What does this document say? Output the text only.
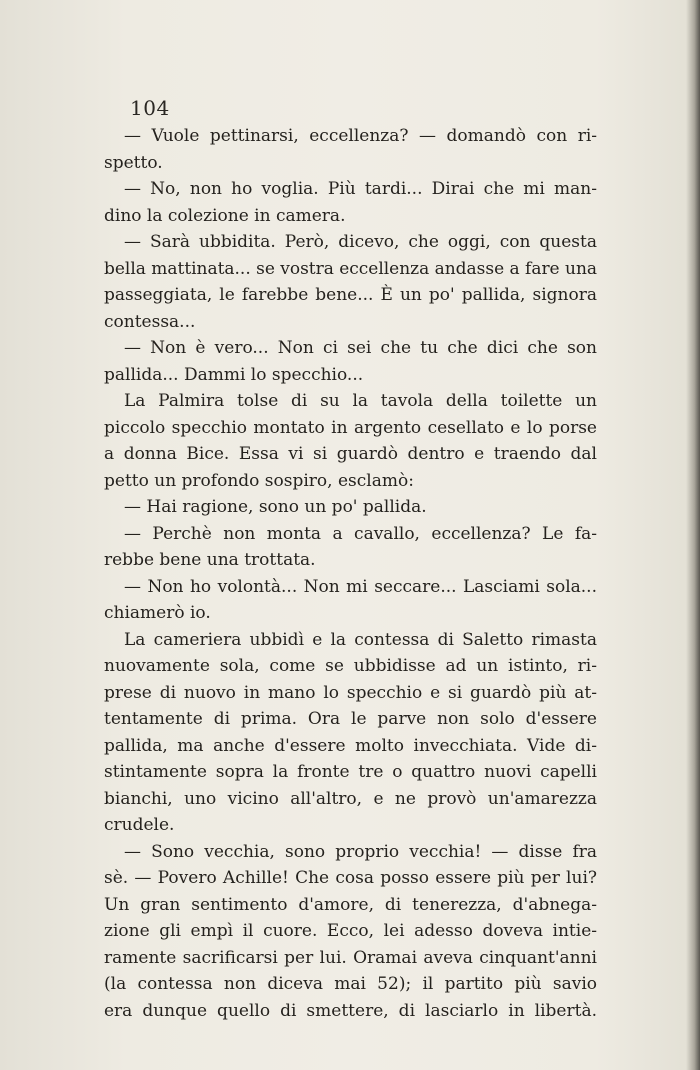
104
— Vuole pettinarsi, eccellenza? — domandò con ri-
spetto.
— No, non ho voglia. Più tardi... Dirai che mi man-
dino la colezione in camera.
— Sarà ubbidita. Però, dicevo, che oggi, con questa
bella mattinata... se vostra eccellenza andasse a fare una
passeggiata, le farebbe bene... È un po' pallida, signora
contessa...
— Non è vero... Non ci sei che tu che dici che son
pallida... Dammi lo specchio...
La Palmira tolse di su la tavola della toilette un
piccolo specchio montato in argento cesellato e lo porse
a donna Bice. Essa vi si guardò dentro e traendo dal
petto un profondo sospiro, esclamò:
— Hai ragione, sono un po' pallida.
— Perchè non monta a cavallo, eccellenza? Le fa-
rebbe bene una trottata.
— Non ho volontà... Non mi seccare... Lasciami sola...
chiamerò io.
La cameriera ubbidì e la contessa di Saletto rimasta
nuovamente sola, come se ubbidisse ad un istinto, ri-
prese di nuovo in mano lo specchio e si guardò più at-
tentamente di prima. Ora le parve non solo d'essere
pallida, ma anche d'essere molto invecchiata. Vide di-
stintamente sopra la fronte tre o quattro nuovi capelli
bianchi, uno vicino all'altro, e ne provò un'amarezza
crudele.
— Sono vecchia, sono proprio vecchia! — disse fra
sè. — Povero Achille! Che cosa posso essere più per lui?
Un gran sentimento d'amore, di tenerezza, d'abnega-
zione gli empì il cuore. Ecco, lei adesso doveva intie-
ramente sacrificarsi per lui. Oramai aveva cinquant'anni
(la contessa non diceva mai 52); il partito più savio
era dunque quello di smettere, di lasciarlo in libertà.
